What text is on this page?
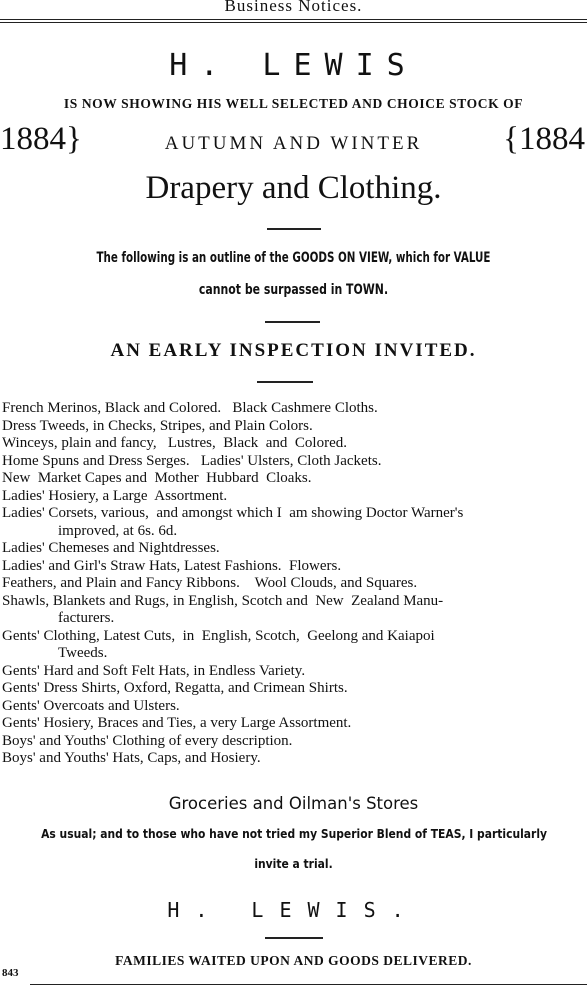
Business Notices.
H. LEWIS
IS NOW SHOWING HIS WELL SELECTED AND CHOICE STOCK OF
1884}	AUTUMN AND WINTER	{1884
Drapery and Clothing.
The following is an outline of the GOODS ON VIEW, which for VALUE
cannot be surpassed in TOWN.
AN EARLY INSPECTION INVITED.
French Merinos, Black and Colored.   Black Cashmere Cloths.
Dress Tweeds, in Checks, Stripes, and Plain Colors.
Winceys, plain and fancy,   Lustres,  Black  and  Colored.
Home Spuns and Dress Serges.   Ladies' Ulsters, Cloth Jackets.
New  Market Capes and  Mother  Hubbard  Cloaks.
Ladies' Hosiery, a Large  Assortment.
Ladies' Corsets, various,  and amongst which I  am showing Doctor Warner's
improved, at 6s. 6d.
Ladies' Chemeses and Nightdresses.
Ladies' and Girl's Straw Hats, Latest Fashions.  Flowers.
Feathers, and Plain and Fancy Ribbons.    Wool Clouds, and Squares.
Shawls, Blankets and Rugs, in English, Scotch and  New  Zealand Manu-
facturers.
Gents' Clothing, Latest Cuts,  in  English, Scotch,  Geelong and Kaiapoi
Tweeds.
Gents' Hard and Soft Felt Hats, in Endless Variety.
Gents' Dress Shirts, Oxford, Regatta, and Crimean Shirts.
Gents' Overcoats and Ulsters.
Gents' Hosiery, Braces and Ties, a very Large Assortment.
Boys' and Youths' Clothing of every description.
Boys' and Youths' Hats, Caps, and Hosiery.
Groceries and Oilman's Stores
As usual; and to those who have not tried my Superior Blend of TEAS, I particularly
invite a trial.
H. LEWIS.
FAMILIES WAITED UPON AND GOODS DELIVERED.
843
